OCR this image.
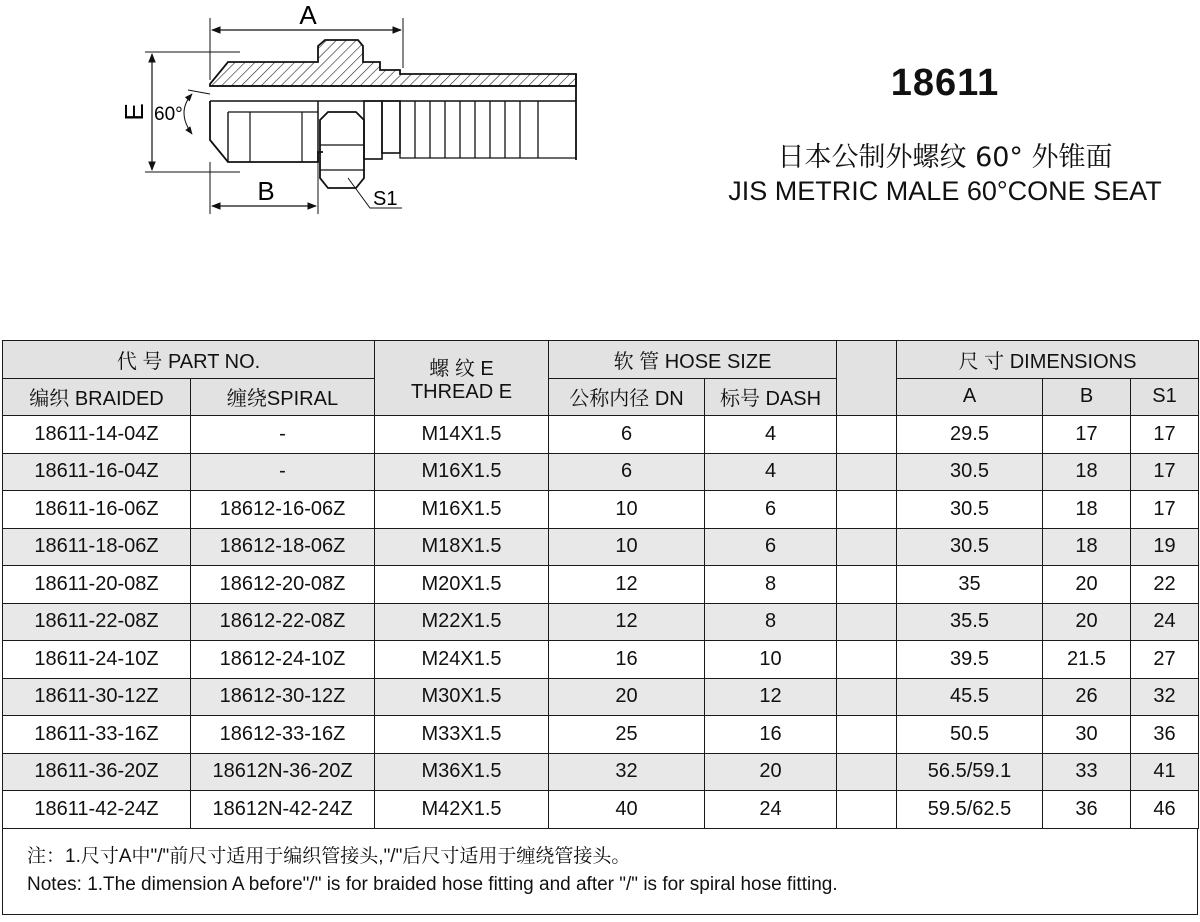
A
B
E 60°
S1
18611
日本公制外螺纹 60° 外锥面
JIS METRIC MALE 60°CONE SEAT
代 号 PART NO.		螺 纹 E
THREAD E	软 管 HOSE SIZE			尺 寸 DIMENSIONS		
编织 BRAIDED	缠绕SPIRAL		公称内径 DN	标号 DASH		A	B	S1
18611-14-04Z	-	M14X1.5	6	4		29.5	17	17
18611-16-04Z	-	M16X1.5	6	4		30.5	18	17
18611-16-06Z	18612-16-06Z	M16X1.5	10	6		30.5	18	17
18611-18-06Z	18612-18-06Z	M18X1.5	10	6		30.5	18	19
18611-20-08Z	18612-20-08Z	M20X1.5	12	8		35	20	22
18611-22-08Z	18612-22-08Z	M22X1.5	12	8		35.5	20	24
18611-24-10Z	18612-24-10Z	M24X1.5	16	10		39.5	21.5	27
18611-30-12Z	18612-30-12Z	M30X1.5	20	12		45.5	26	32
18611-33-16Z	18612-33-16Z	M33X1.5	25	16		50.5	30	36
18611-36-20Z	18612N-36-20Z	M36X1.5	32	20		56.5/59.1	33	41
18611-42-24Z	18612N-42-24Z	M42X1.5	40	24		59.5/62.5	36	46
注：1.尺寸A中"/"前尺寸适用于编织管接头,"/"后尺寸适用于缠绕管接头。
Notes: 1.The dimension A before"/" is for braided hose fitting and after "/" is for spiral hose fitting.
